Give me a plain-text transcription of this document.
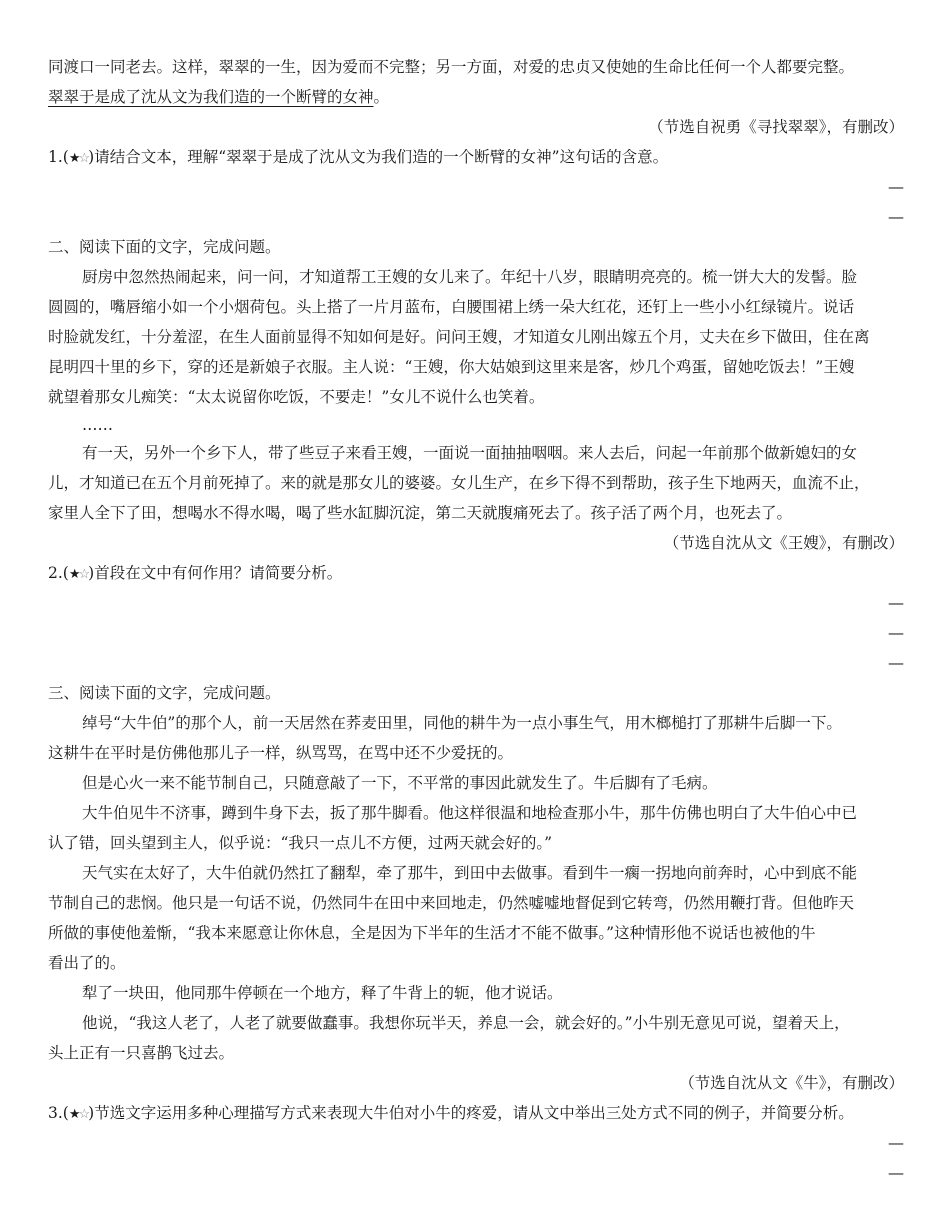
同渡口一同老去。这样，翠翠的一生，因为爱而不完整；另一方面，对爱的忠贞又使她的生命比任何一个人都要完整。

翠翠于是成了沈从文为我们造的一个断臂的女神。

（节选自祝勇《寻找翠翠》，有删改）

1.(★☆)请结合文本，理解“翠翠于是成了沈从文为我们造的一个断臂的女神”这句话的含意。

—
—

二、阅读下面的文字，完成问题。

厨房中忽然热闹起来，问一问，才知道帮工王嫂的女儿来了。年纪十八岁，眼睛明亮亮的。梳一饼大大的发髻。脸

圆圆的，嘴唇缩小如一个小烟荷包。头上搭了一片月蓝布，白腰围裙上绣一朵大红花，还钉上一些小小红绿镜片。说话

时脸就发红，十分羞涩，在生人面前显得不知如何是好。问问王嫂，才知道女儿刚出嫁五个月，丈夫在乡下做田，住在离

昆明四十里的乡下，穿的还是新娘子衣服。主人说：“王嫂，你大姑娘到这里来是客，炒几个鸡蛋，留她吃饭去！”王嫂

就望着那女儿痴笑：“太太说留你吃饭，不要走！”女儿不说什么也笑着。

……

有一天，另外一个乡下人，带了些豆子来看王嫂，一面说一面抽抽咽咽。来人去后，问起一年前那个做新媳妇的女

儿，才知道已在五个月前死掉了。来的就是那女儿的婆婆。女儿生产，在乡下得不到帮助，孩子生下地两天，血流不止，

家里人全下了田，想喝水不得水喝，喝了些水缸脚沉淀，第二天就腹痛死去了。孩子活了两个月，也死去了。

（节选自沈从文《王嫂》，有删改）

2.(★☆)首段在文中有何作用？请简要分析。

—
—
—

三、阅读下面的文字，完成问题。

绰号“大牛伯”的那个人，前一天居然在荞麦田里，同他的耕牛为一点小事生气，用木榔槌打了那耕牛后脚一下。

这耕牛在平时是仿佛他那儿子一样，纵骂骂，在骂中还不少爱抚的。

但是心火一来不能节制自己，只随意敲了一下，不平常的事因此就发生了。牛后脚有了毛病。

大牛伯见牛不济事，蹲到牛身下去，扳了那牛脚看。他这样很温和地检查那小牛，那牛仿佛也明白了大牛伯心中已

认了错，回头望到主人，似乎说：“我只一点儿不方便，过两天就会好的。”

天气实在太好了，大牛伯就仍然扛了翻犁，牵了那牛，到田中去做事。看到牛一瘸一拐地向前奔时，心中到底不能

节制自己的悲悯。他只是一句话不说，仍然同牛在田中来回地走，仍然嘘嘘地督促到它转弯，仍然用鞭打背。但他昨天

所做的事使他羞惭，“我本来愿意让你休息，全是因为下半年的生活才不能不做事。”这种情形他不说话也被他的牛

看出了的。

犁了一块田，他同那牛停顿在一个地方，释了牛背上的轭，他才说话。

他说，“我这人老了，人老了就要做蠢事。我想你玩半天，养息一会，就会好的。”小牛别无意见可说，望着天上，

头上正有一只喜鹊飞过去。

（节选自沈从文《牛》，有删改）

3.(★☆)节选文字运用多种心理描写方式来表现大牛伯对小牛的疼爱，请从文中举出三处方式不同的例子，并简要分析。

—
—
